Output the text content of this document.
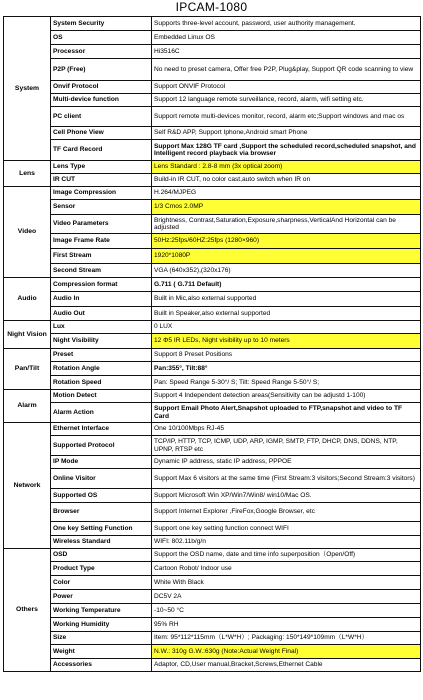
IPCAM-1080
System	System Security	Supports three-level account, password, user authority management.
	OS	Embedded Linux OS
	Processor	Hi3516C
	P2P (Free)	No need to preset camera, Offer free P2P, Plug&play, Support QR code scanning to view
	Onvif Protocol	Support ONVIF Protocol
	Multi-device function	Support 12 language remote surveillance, record, alarm, wifi setting etc.
	PC client	Support remote multi-devices monitor, record, alarm etc;Support windows and mac os
	Cell Phone View	Self R&D APP, Support Iphone,Android smart Phone
	TF Card Record	Support Max 128G TF card ,Support the scheduled record,scheduled snapshot, and Intelligent record playback via browser
Lens	Lens Type	Lens Standard : 2.8-8 mm (3x optical zoom)
	IR CUT	Build-in IR CUT, no color cast,auto switch when IR on
Video	Image Compression	H.264/MJPEG
	Sensor	1/3 Cmos 2.0MP
	Video Parameters	Brightness, Contrast,Saturation,Exposure,sharpness,VerticalAnd Horizontal can be adjusted
	Image Frame Rate	50Hz:25fps/60HZ:25fps (1280×960)
	First Stream	1920*1080P
	Second Stream	VGA (640x352),(320x176)
Audio	Compression format	G.711 ( G.711 Default)
	Audio In	Built in Mic,also external supported
	Audio Out	Built in Speaker,also external supported
Night Vision	Lux	0 LUX
	Night Visibility	12 Φ5 IR LEDs, Night visibility up to 10 meters
Pan/Tilt	Preset	Support 8 Preset Positions
	Rotation Angle	Pan:355°, Tilt:88°
	Rotation Speed	Pan: Speed Range 5-30°/ S; Tilt: Speed Range 5-50°/ S;
Alarm	Motion Detect	Support 4 Independent detection areas(Sensitivity can be adjustd 1-100)
	Alarm Action	Support Email Photo Alert,Snapshot uploaded to FTP,snapshot and video to TF Card
Network	Ethernet Interface	One 10/100Mbps RJ-45
	Supported Protocol	TCP/IP, HTTP, TCP, ICMP, UDP, ARP, IGMP, SMTP, FTP, DHCP, DNS, DDNS, NTP, UPNP, RTSP etc
	IP Mode	Dynamic IP address, static IP address, PPPOE
	Online Visitor	Support Max 6 visitors at the same time (First Stream:3 visitors;Second Stream:3 visitors)
	Supported OS	Support Microsoft Win XP/Win7/Win8/ win10/Mac OS.
	Browser	Support Internet Explorer ,FireFox,Google Browser, etc
	One key Setting Function	Support one key setting function connect WIFI
	Wireless Standard	WIFI: 802.11b/g/n
Others	OSD	Support the OSD name, date and time info superposition（Open/Off)
	Product Type	Cartoon Robot/ Indoor use
	Color	White With Black
	Power	DC5V 2A
	Working Temperature	-10~50 °C
	Working Humidity	95% RH
	Size	Item: 95*112*115mm（L*W*H）; Packaging: 150*149*109mm（L*W*H）
	Weight	N.W.: 310g G.W.:630g (Note:Actual Weight Final)
	Accessories	Adaptor, CD,User manual,Bracket,Screws,Ethernet Cable
